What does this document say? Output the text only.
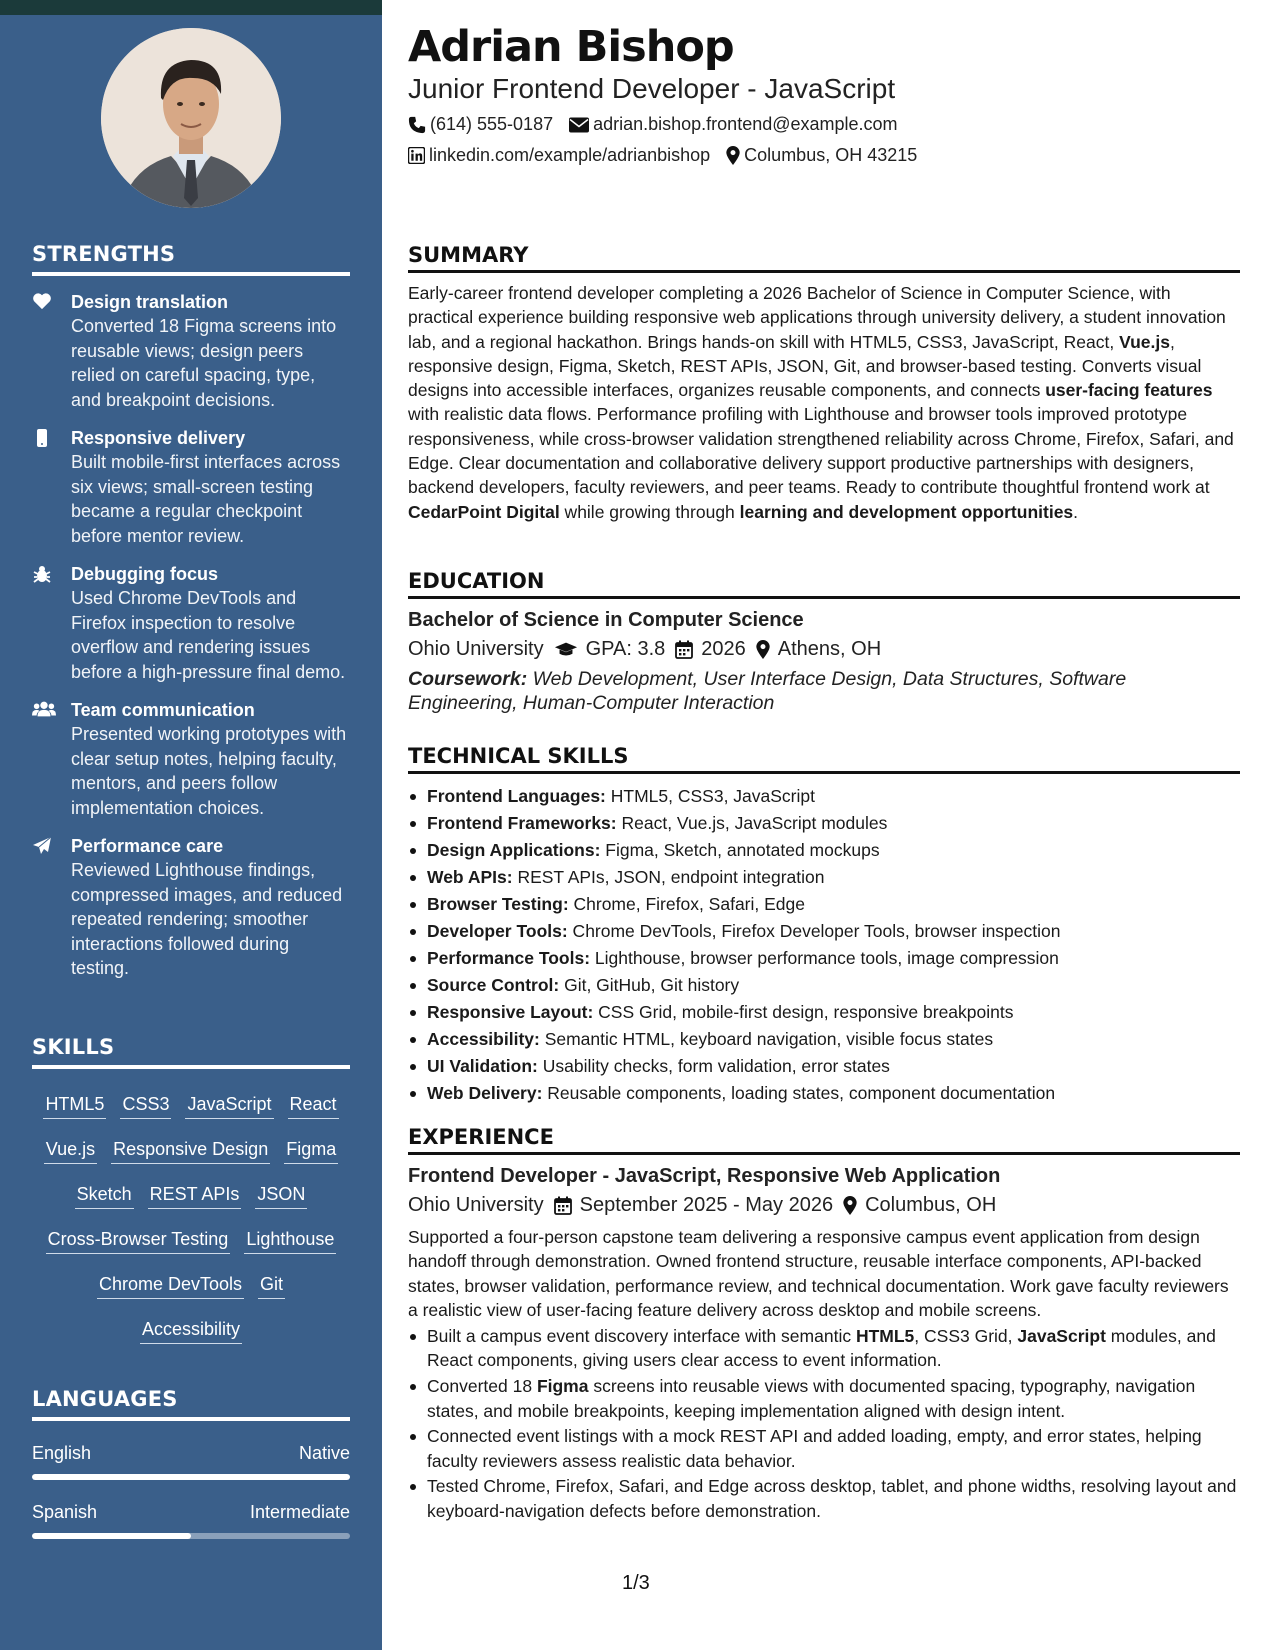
STRENGTHS
Design translation
Converted 18 Figma screens into reusable views; design peers relied on careful spacing, type, and breakpoint decisions.
Responsive delivery
Built mobile-first interfaces across six views; small-screen testing became a regular checkpoint before mentor review.
Debugging focus
Used Chrome DevTools and Firefox inspection to resolve overflow and rendering issues before a high-pressure final demo.
Team communication
Presented working prototypes with clear setup notes, helping faculty, mentors, and peers follow implementation choices.
Performance care
Reviewed Lighthouse findings, compressed images, and reduced repeated rendering; smoother interactions followed during testing.
SKILLS
HTML5 CSS3 JavaScript React
Vue.js Responsive Design Figma
Sketch REST APIs JSON
Cross-Browser Testing Lighthouse
Chrome DevTools Git
Accessibility
LANGUAGES
English	Native
Spanish	Intermediate
Adrian Bishop
Junior Frontend Developer - JavaScript
(614) 555-0187 adrian.bishop.frontend@example.com
linkedin.com/example/adrianbishop Columbus, OH 43215
SUMMARY

Early-career frontend developer completing a 2026 Bachelor of Science in Computer Science, with practical experience building responsive web applications through university delivery, a student innovation lab, and a regional hackathon. Brings hands-on skill with HTML5, CSS3, JavaScript, React, Vue.js, responsive design, Figma, Sketch, REST APIs, JSON, Git, and browser-based testing. Converts visual designs into accessible interfaces, organizes reusable components, and connects user-facing features with realistic data flows. Performance profiling with Lighthouse and browser tools improved prototype responsiveness, while cross-browser validation strengthened reliability across Chrome, Firefox, Safari, and Edge. Clear documentation and collaborative delivery support productive partnerships with designers, backend developers, faculty reviewers, and peer teams. Ready to contribute thoughtful frontend work at CedarPoint Digital while growing through learning and development opportunities.

EDUCATION
Bachelor of Science in Computer Science
Ohio University GPA: 3.8 2026 Athens, OH
Coursework: Web Development, User Interface Design, Data Structures, Software Engineering, Human-Computer Interaction
TECHNICAL SKILLS
Frontend Languages: HTML5, CSS3, JavaScript
Frontend Frameworks: React, Vue.js, JavaScript modules
Design Applications: Figma, Sketch, annotated mockups
Web APIs: REST APIs, JSON, endpoint integration
Browser Testing: Chrome, Firefox, Safari, Edge
Developer Tools: Chrome DevTools, Firefox Developer Tools, browser inspection
Performance Tools: Lighthouse, browser performance tools, image compression
Source Control: Git, GitHub, Git history
Responsive Layout: CSS Grid, mobile-first design, responsive breakpoints
Accessibility: Semantic HTML, keyboard navigation, visible focus states
UI Validation: Usability checks, form validation, error states
Web Delivery: Reusable components, loading states, component documentation
EXPERIENCE
Frontend Developer - JavaScript, Responsive Web Application
Ohio University September 2025 - May 2026 Columbus, OH

Supported a four-person capstone team delivering a responsive campus event application from design handoff through demonstration. Owned frontend structure, reusable interface components, API-backed states, browser validation, performance review, and technical documentation. Work gave faculty reviewers a realistic view of user-facing feature delivery across desktop and mobile screens.

Built a campus event discovery interface with semantic HTML5, CSS3 Grid, JavaScript modules, and React components, giving users clear access to event information.
Converted 18 Figma screens into reusable views with documented spacing, typography, navigation states, and mobile breakpoints, keeping implementation aligned with design intent.
Connected event listings with a mock REST API and added loading, empty, and error states, helping faculty reviewers assess realistic data behavior.
Tested Chrome, Firefox, Safari, and Edge across desktop, tablet, and phone widths, resolving layout and keyboard-navigation defects before demonstration.
1/3
